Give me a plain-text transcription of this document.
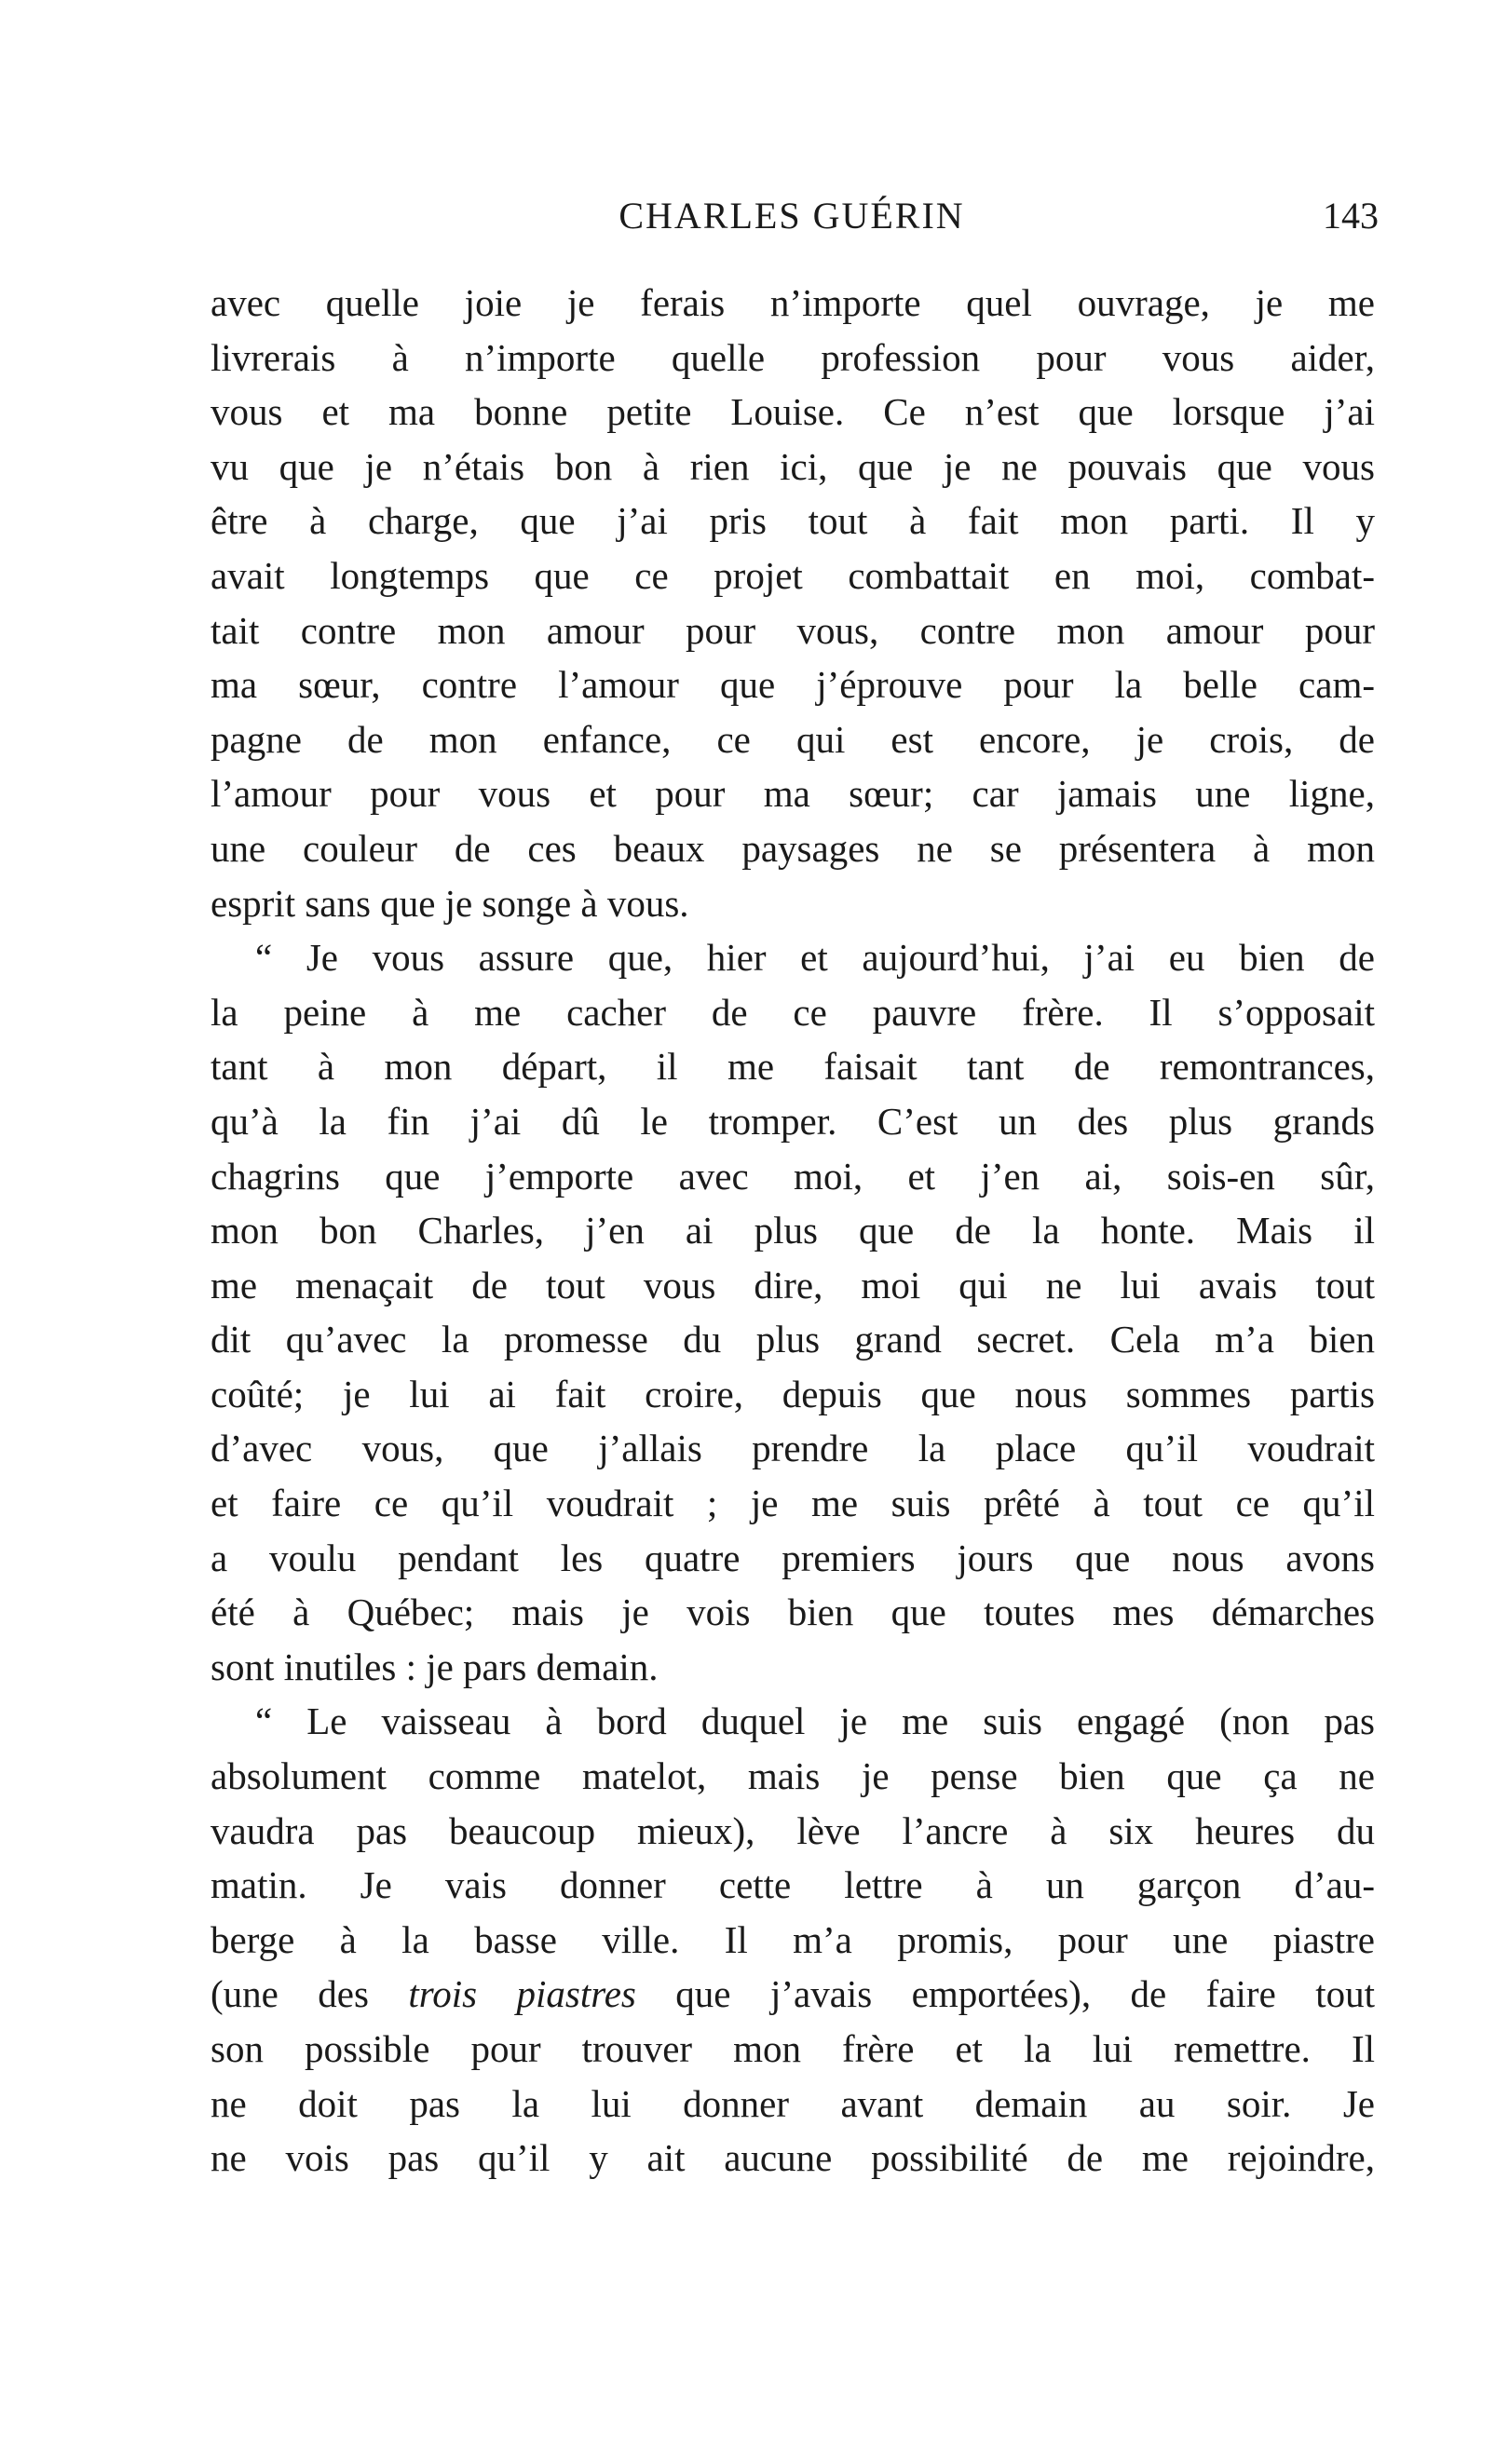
CHARLES GUÉRIN	143
avec quelle joie je ferais n’importe quel ouvrage, je me
livrerais à n’importe quelle profession pour vous aider,
vous et ma bonne petite Louise. Ce n’est que lorsque j’ai
vu que je n’étais bon à rien ici, que je ne pouvais que vous
être à charge, que j’ai pris tout à fait mon parti. Il y
avait longtemps que ce projet combattait en moi, combat-
tait contre mon amour pour vous, contre mon amour pour
ma sœur, contre l’amour que j’éprouve pour la belle cam-
pagne de mon enfance, ce qui est encore, je crois, de
l’amour pour vous et pour ma sœur; car jamais une ligne,
une couleur de ces beaux paysages ne se présentera à mon
esprit sans que je songe à vous.
“ Je vous assure que, hier et aujourd’hui, j’ai eu bien de
la peine à me cacher de ce pauvre frère. Il s’opposait
tant à mon départ, il me faisait tant de remontrances,
qu’à la fin j’ai dû le tromper. C’est un des plus grands
chagrins que j’emporte avec moi, et j’en ai, sois-en sûr,
mon bon Charles, j’en ai plus que de la honte. Mais il
me menaçait de tout vous dire, moi qui ne lui avais tout
dit qu’avec la promesse du plus grand secret. Cela m’a bien
coûté; je lui ai fait croire, depuis que nous sommes partis
d’avec vous, que j’allais prendre la place qu’il voudrait
et faire ce qu’il voudrait ; je me suis prêté à tout ce qu’il
a voulu pendant les quatre premiers jours que nous avons
été à Québec; mais je vois bien que toutes mes démarches
sont inutiles : je pars demain.
“ Le vaisseau à bord duquel je me suis engagé (non pas
absolument comme matelot, mais je pense bien que ça ne
vaudra pas beaucoup mieux), lève l’ancre à six heures du
matin. Je vais donner cette lettre à un garçon d’au-
berge à la basse ville. Il m’a promis, pour une piastre
(une des trois piastres que j’avais emportées), de faire tout
son possible pour trouver mon frère et la lui remettre. Il
ne doit pas la lui donner avant demain au soir. Je
ne vois pas qu’il y ait aucune possibilité de me rejoindre,
